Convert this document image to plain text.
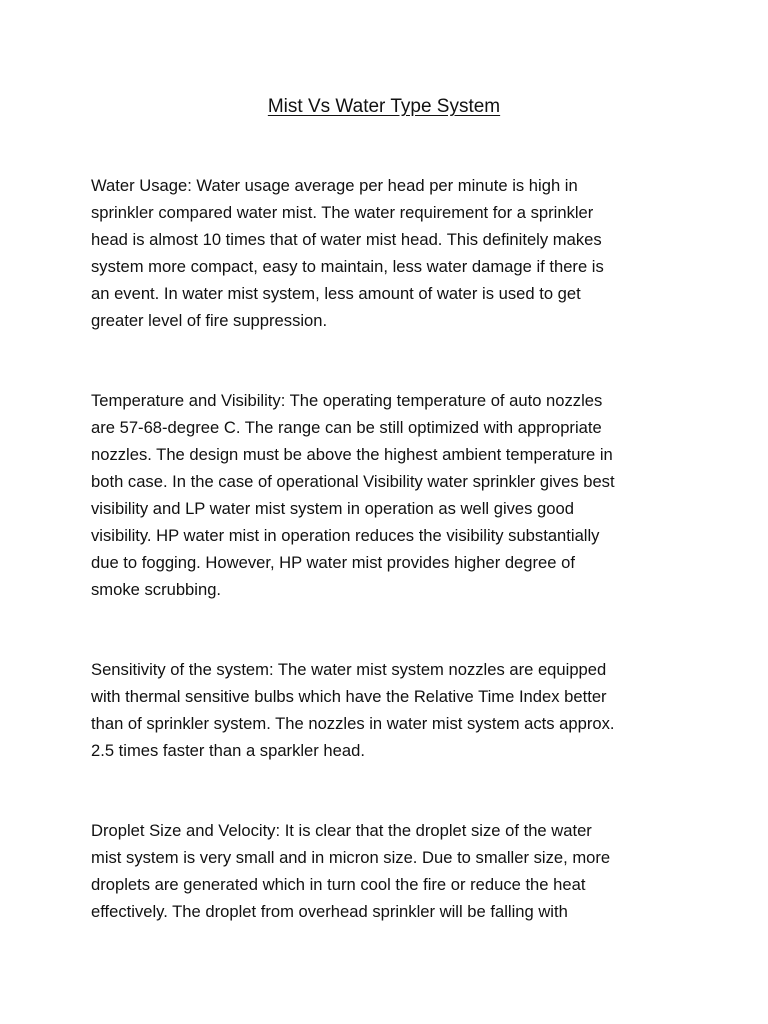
Mist Vs Water Type System

Water Usage: Water usage average per head per minute is high in
sprinkler compared water mist. The water requirement for a sprinkler
head is almost 10 times that of water mist head. This definitely makes
system more compact, easy to maintain, less water damage if there is
an event. In water mist system, less amount of water is used to get
greater level of fire suppression.

Temperature and Visibility: The operating temperature of auto nozzles
are 57-68-degree C. The range can be still optimized with appropriate
nozzles. The design must be above the highest ambient temperature in
both case. In the case of operational Visibility water sprinkler gives best
visibility and LP water mist system in operation as well gives good
visibility. HP water mist in operation reduces the visibility substantially
due to fogging. However, HP water mist provides higher degree of
smoke scrubbing.

Sensitivity of the system: The water mist system nozzles are equipped
with thermal sensitive bulbs which have the Relative Time Index better
than of sprinkler system. The nozzles in water mist system acts approx.
2.5 times faster than a sparkler head.

Droplet Size and Velocity: It is clear that the droplet size of the water
mist system is very small and in micron size. Due to smaller size, more
droplets are generated which in turn cool the fire or reduce the heat
effectively. The droplet from overhead sprinkler will be falling with
